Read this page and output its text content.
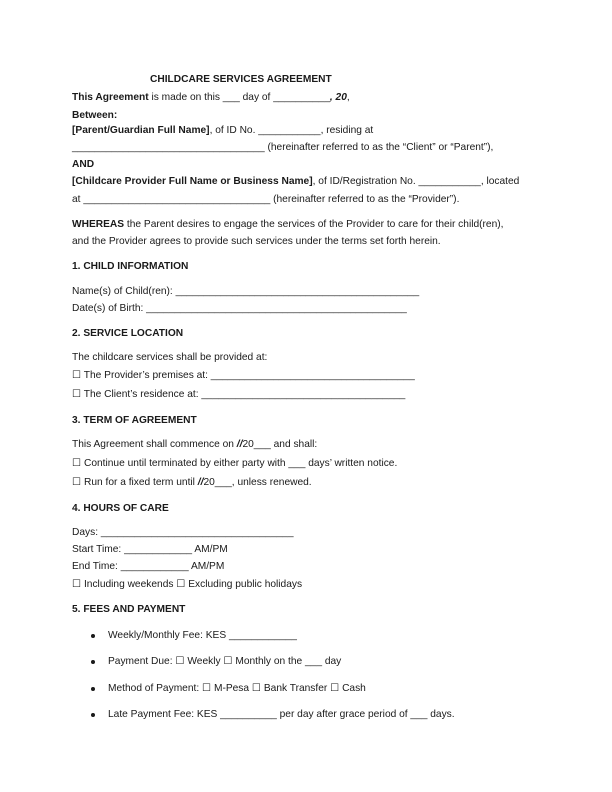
CHILDCARE SERVICES AGREEMENT
This Agreement is made on this ___ day of __________, 20,
Between:
[Parent/Guardian Full Name], of ID No. ___________, residing at
__________________________________ (hereinafter referred to as the “Client” or “Parent”),
AND
[Childcare Provider Full Name or Business Name], of ID/Registration No. ___________, located
at _________________________________ (hereinafter referred to as the “Provider”).
WHEREAS the Parent desires to engage the services of the Provider to care for their child(ren),
and the Provider agrees to provide such services under the terms set forth herein.
1. CHILD INFORMATION
Name(s) of Child(ren): ___________________________________________
Date(s) of Birth: ______________________________________________
2. SERVICE LOCATION
The childcare services shall be provided at:
☐ The Provider’s premises at: ____________________________________
☐ The Client’s residence at: ____________________________________
3. TERM OF AGREEMENT
This Agreement shall commence on //20___ and shall:
☐ Continue until terminated by either party with ___ days’ written notice.
☐ Run for a fixed term until //20___, unless renewed.
4. HOURS OF CARE
Days: __________________________________
Start Time: ____________ AM/PM
End Time: ____________ AM/PM
☐ Including weekends ☐ Excluding public holidays
5. FEES AND PAYMENT
Weekly/Monthly Fee: KES ____________
Payment Due: ☐ Weekly ☐ Monthly on the ___ day
Method of Payment: ☐ M-Pesa ☐ Bank Transfer ☐ Cash
Late Payment Fee: KES __________ per day after grace period of ___ days.
